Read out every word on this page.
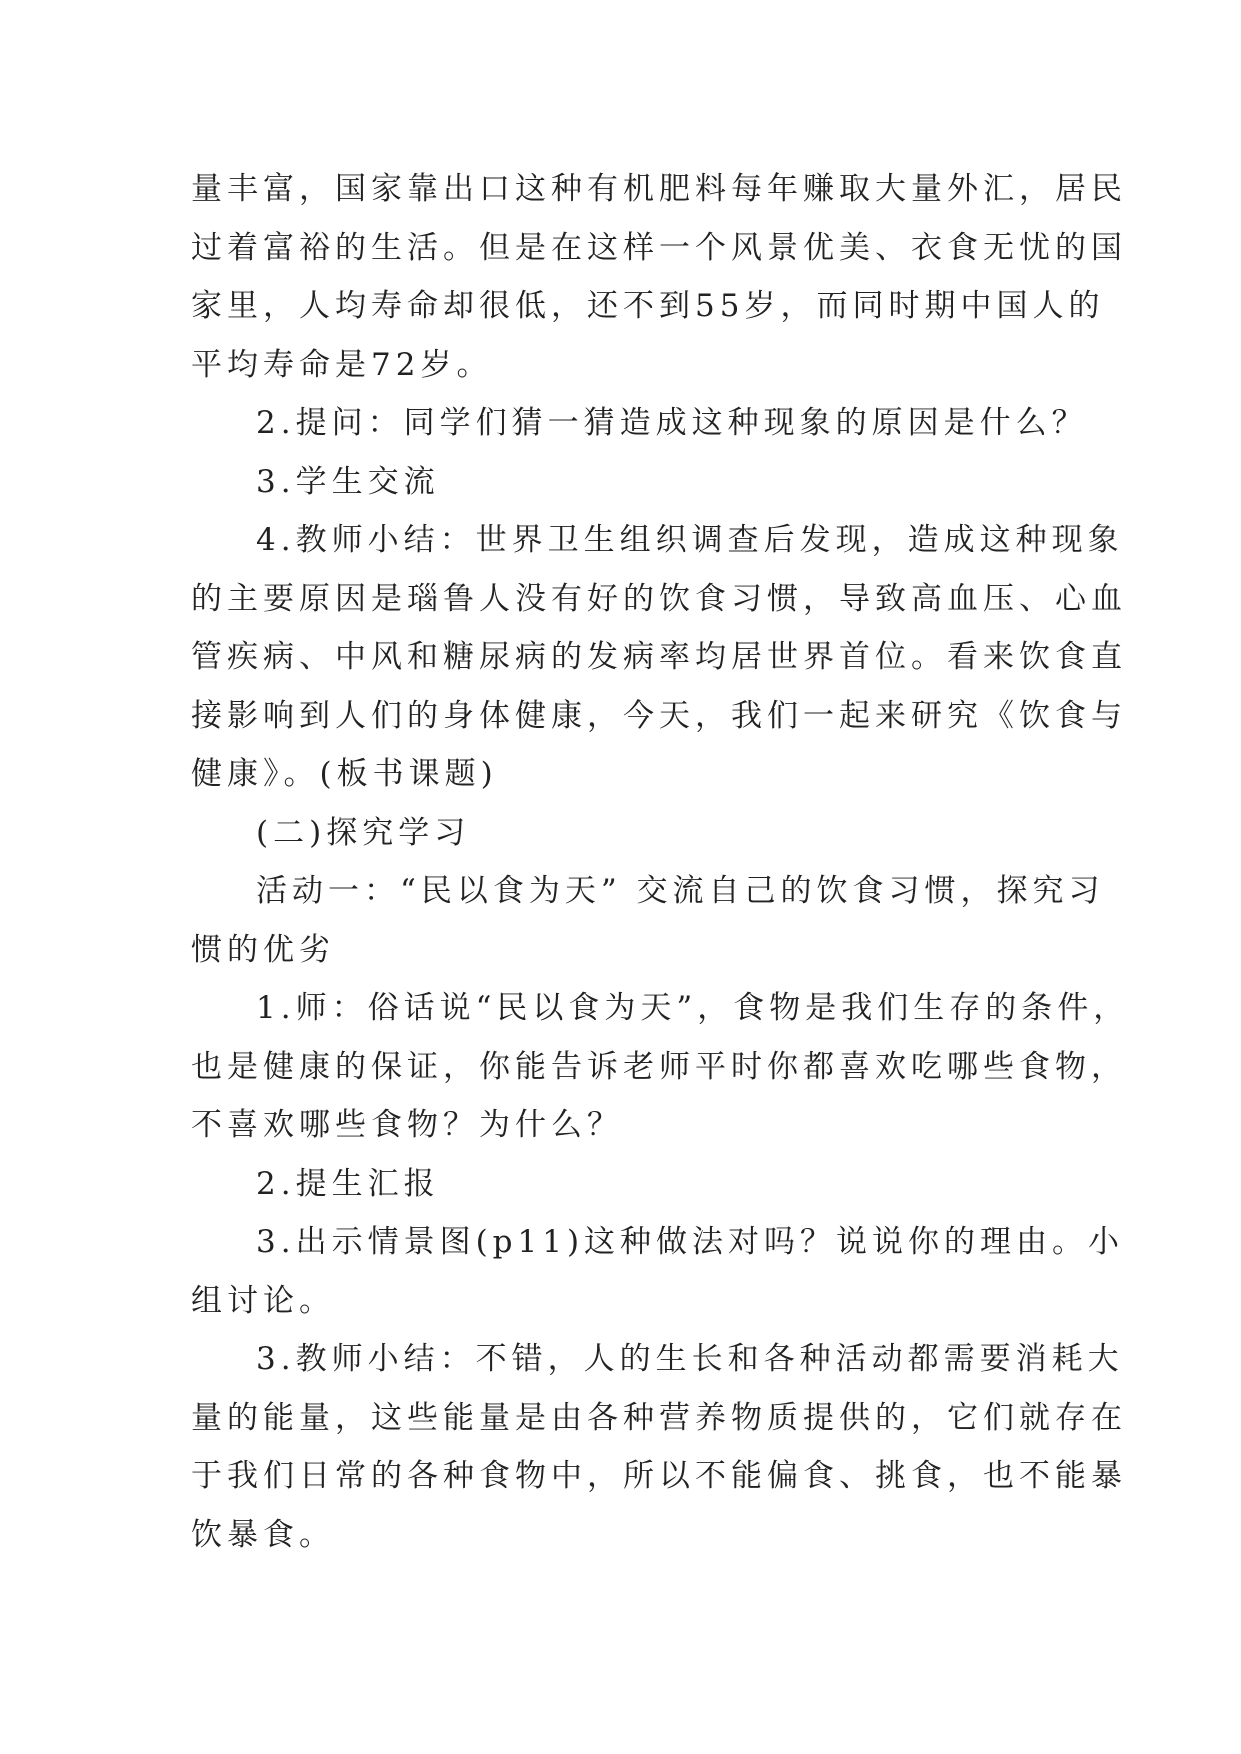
量丰富，国家靠出口这种有机肥料每年赚取大量外汇，居民
过着富裕的生活。但是在这样一个风景优美、衣食无忧的国
家里，人均寿命却很低，还不到55岁，而同时期中国人的
平均寿命是72岁。
2.提问：同学们猜一猜造成这种现象的原因是什么？
3.学生交流
4.教师小结：世界卫生组织调查后发现，造成这种现象
的主要原因是瑙鲁人没有好的饮食习惯，导致高血压、心血
管疾病、中风和糖尿病的发病率均居世界首位。看来饮食直
接影响到人们的身体健康，今天，我们一起来研究《饮食与
健康》。(板书课题)
(二)探究学习
活动一：“民以食为天” 交流自己的饮食习惯，探究习
惯的优劣
1.师：俗话说“民以食为天”，食物是我们生存的条件，
也是健康的保证，你能告诉老师平时你都喜欢吃哪些食物，
不喜欢哪些食物？为什么？
2.提生汇报
3.出示情景图(p11)这种做法对吗？说说你的理由。小
组讨论。
3.教师小结：不错，人的生长和各种活动都需要消耗大
量的能量，这些能量是由各种营养物质提供的，它们就存在
于我们日常的各种食物中，所以不能偏食、挑食，也不能暴
饮暴食。
